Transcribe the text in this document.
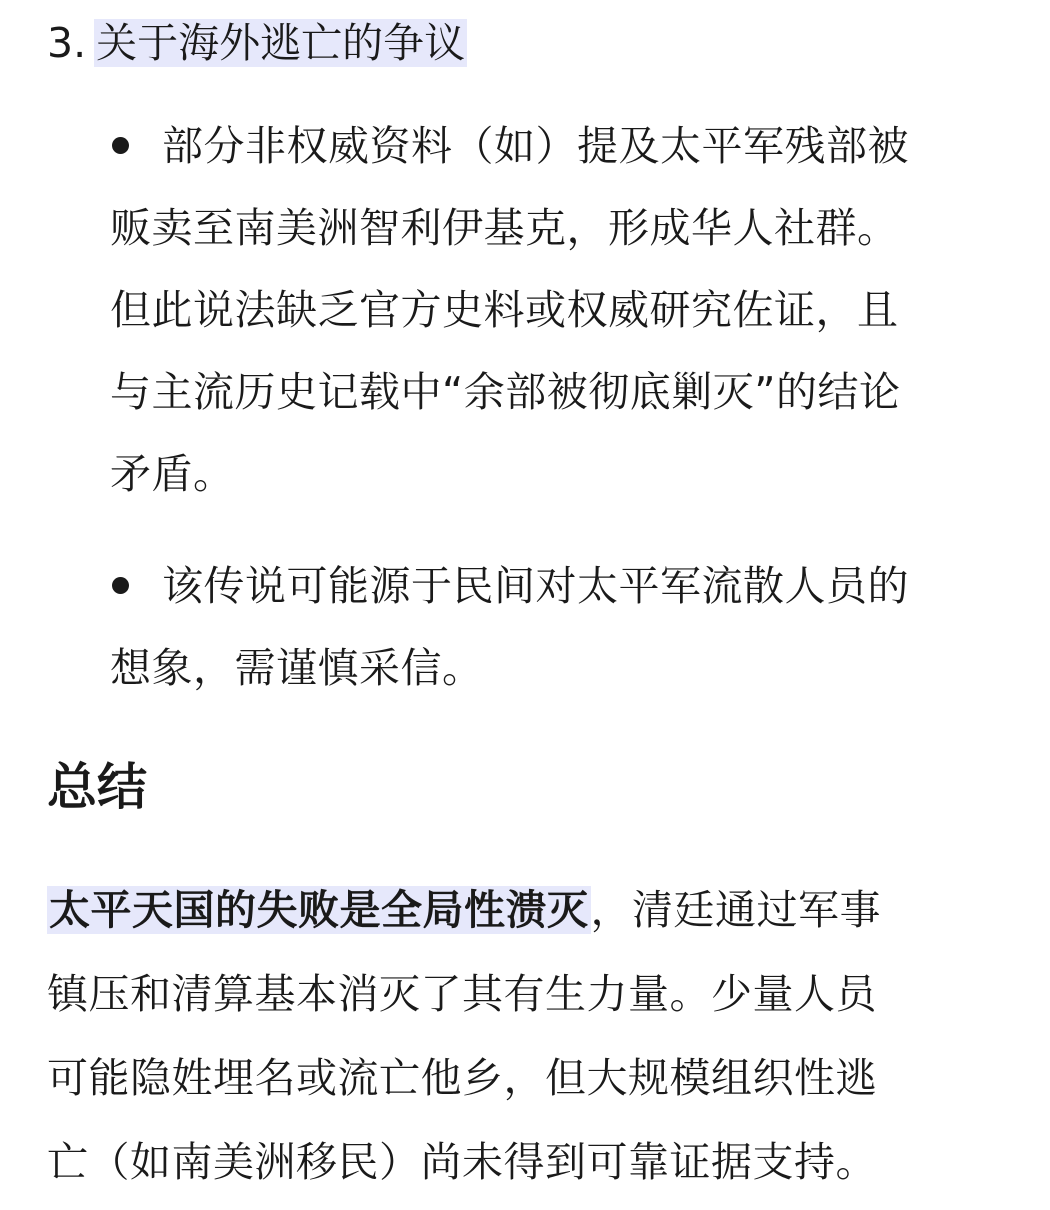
3. 关于海外逃亡的争议
部分非权威资料（如）提及太平军残部被
贩卖至南美洲智利伊基克，形成华人社群。
但此说法缺乏官方史料或权威研究佐证，且
与主流历史记载中“余部被彻底剿灭”的结论
矛盾。
该传说可能源于民间对太平军流散人员的
想象，需谨慎采信。
总结
太平天国的失败是全局性溃灭，清廷通过军事
镇压和清算基本消灭了其有生力量。少量人员
可能隐姓埋名或流亡他乡，但大规模组织性逃
亡（如南美洲移民）尚未得到可靠证据支持。
